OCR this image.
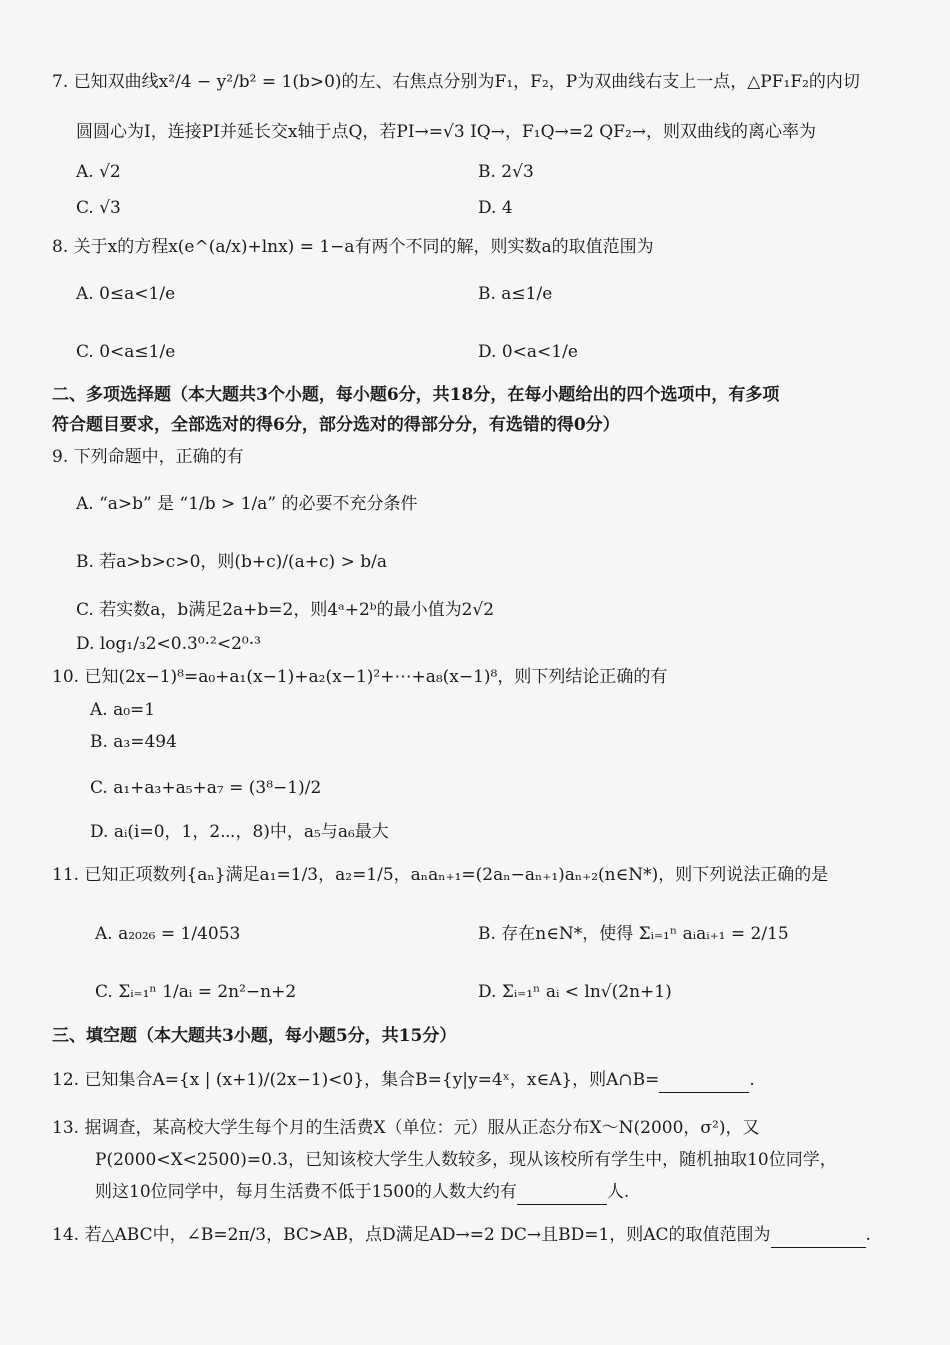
7. 已知双曲线x²/4 − y²/b² = 1(b>0)的左、右焦点分别为F₁，F₂，P为双曲线右支上一点，△PF₁F₂的内切
圆圆心为I，连接PI并延长交x轴于点Q，若PI→=√3 IQ→，F₁Q→=2 QF₂→，则双曲线的离心率为
A. √2	B. 2√3
C. √3	D. 4
8. 关于x的方程x(e^(a/x)+lnx) = 1−a有两个不同的解，则实数a的取值范围为
A. 0≤a<1/e	B. a≤1/e
C. 0<a≤1/e	D. 0<a<1/e
二、多项选择题（本大题共3个小题，每小题6分，共18分，在每小题给出的四个选项中，有多项
符合题目要求，全部选对的得6分，部分选对的得部分分，有选错的得0分）
9. 下列命题中，正确的有
A. “a>b” 是 “1/b > 1/a” 的必要不充分条件
B. 若a>b>c>0，则(b+c)/(a+c) > b/a
C. 若实数a，b满足2a+b=2，则4ᵃ+2ᵇ的最小值为2√2
D. log₁/₃2<0.3⁰·²<2⁰·³
10. 已知(2x−1)⁸=a₀+a₁(x−1)+a₂(x−1)²+⋯+a₈(x−1)⁸，则下列结论正确的有
A. a₀=1
B. a₃=494
C. a₁+a₃+a₅+a₇ = (3⁸−1)/2
D. aᵢ(i=0，1，2⋯，8)中，a₅与a₆最大
11. 已知正项数列{aₙ}满足a₁=1/3，a₂=1/5，aₙaₙ₊₁=(2aₙ−aₙ₊₁)aₙ₊₂(n∈N*)，则下列说法正确的是
A. a₂₀₂₆ = 1/4053	B. 存在n∈N*，使得 Σᵢ₌₁ⁿ aᵢaᵢ₊₁ = 2/15
C. Σᵢ₌₁ⁿ 1/aᵢ = 2n²−n+2	D. Σᵢ₌₁ⁿ aᵢ < ln√(2n+1)
三、填空题（本大题共3小题，每小题5分，共15分）
12. 已知集合A={x | (x+1)/(2x−1)<0}，集合B={y|y=4ˣ，x∈A}，则A∩B=	.
13. 据调查，某高校大学生每个月的生活费X（单位：元）服从正态分布X～N(2000，σ²)，又
P(2000<X<2500)=0.3，已知该校大学生人数较多，现从该校所有学生中，随机抽取10位同学，
则这10位同学中，每月生活费不低于1500的人数大约有	人.
14. 若△ABC中，∠B=2π/3，BC>AB，点D满足AD→=2 DC→且BD=1，则AC的取值范围为	.
